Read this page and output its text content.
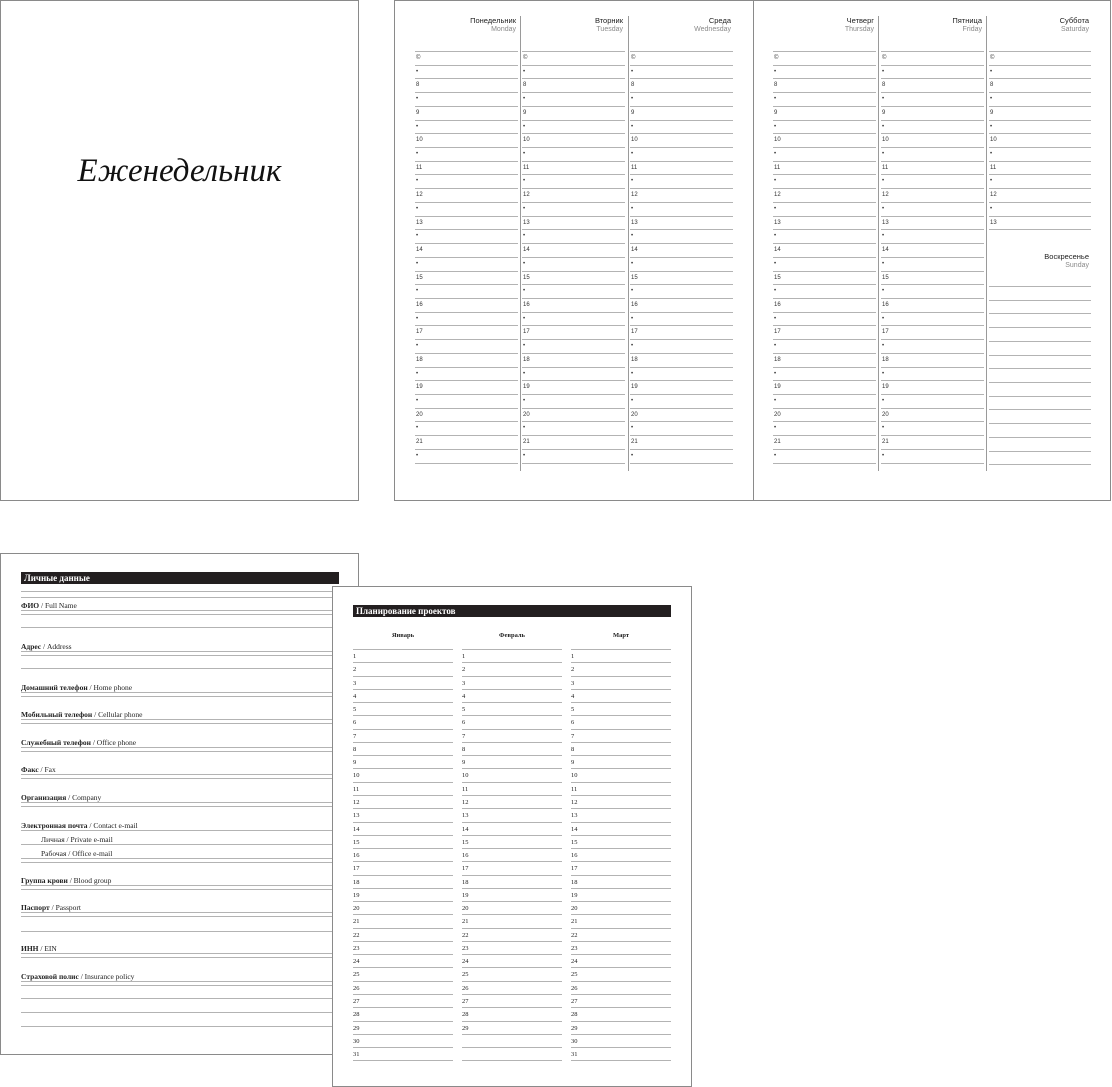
Еженедельник
Понедельник
Monday
©
•
8
•
9
•
10
•
11
•
12
•
13
•
14
•
15
•
16
•
17
•
18
•
19
•
20
•
21
•
Вторник
Tuesday
©
•
8
•
9
•
10
•
11
•
12
•
13
•
14
•
15
•
16
•
17
•
18
•
19
•
20
•
21
•
Среда
Wednesday
©
•
8
•
9
•
10
•
11
•
12
•
13
•
14
•
15
•
16
•
17
•
18
•
19
•
20
•
21
•
Четверг
Thursday
©
•
8
•
9
•
10
•
11
•
12
•
13
•
14
•
15
•
16
•
17
•
18
•
19
•
20
•
21
•
Пятница
Friday
©
•
8
•
9
•
10
•
11
•
12
•
13
•
14
•
15
•
16
•
17
•
18
•
19
•
20
•
21
•
Суббота
Saturday
©
•
8
•
9
•
10
•
11
•
12
•
13
Воскресенье
Sunday
Личные данные
ФИО / Full Name
Адрес / Address
Домашний телефон / Home phone
Мобильный телефон / Cellular phone
Служебный телефон / Office phone
Факс / Fax
Организация / Company
Электронная почта / Contact e-mail
Личная / Private e-mail
Рабочая / Office e-mail
Группа крови / Blood group
Паспорт / Passport
ИНН / EIN
Страховой полис / Insurance policy
Планирование проектов
Январь
1
2
3
4
5
6
7
8
9
10
11
12
13
14
15
16
17
18
19
20
21
22
23
24
25
26
27
28
29
30
31
Февраль
1
2
3
4
5
6
7
8
9
10
11
12
13
14
15
16
17
18
19
20
21
22
23
24
25
26
27
28
29
Март
1
2
3
4
5
6
7
8
9
10
11
12
13
14
15
16
17
18
19
20
21
22
23
24
25
26
27
28
29
30
31
